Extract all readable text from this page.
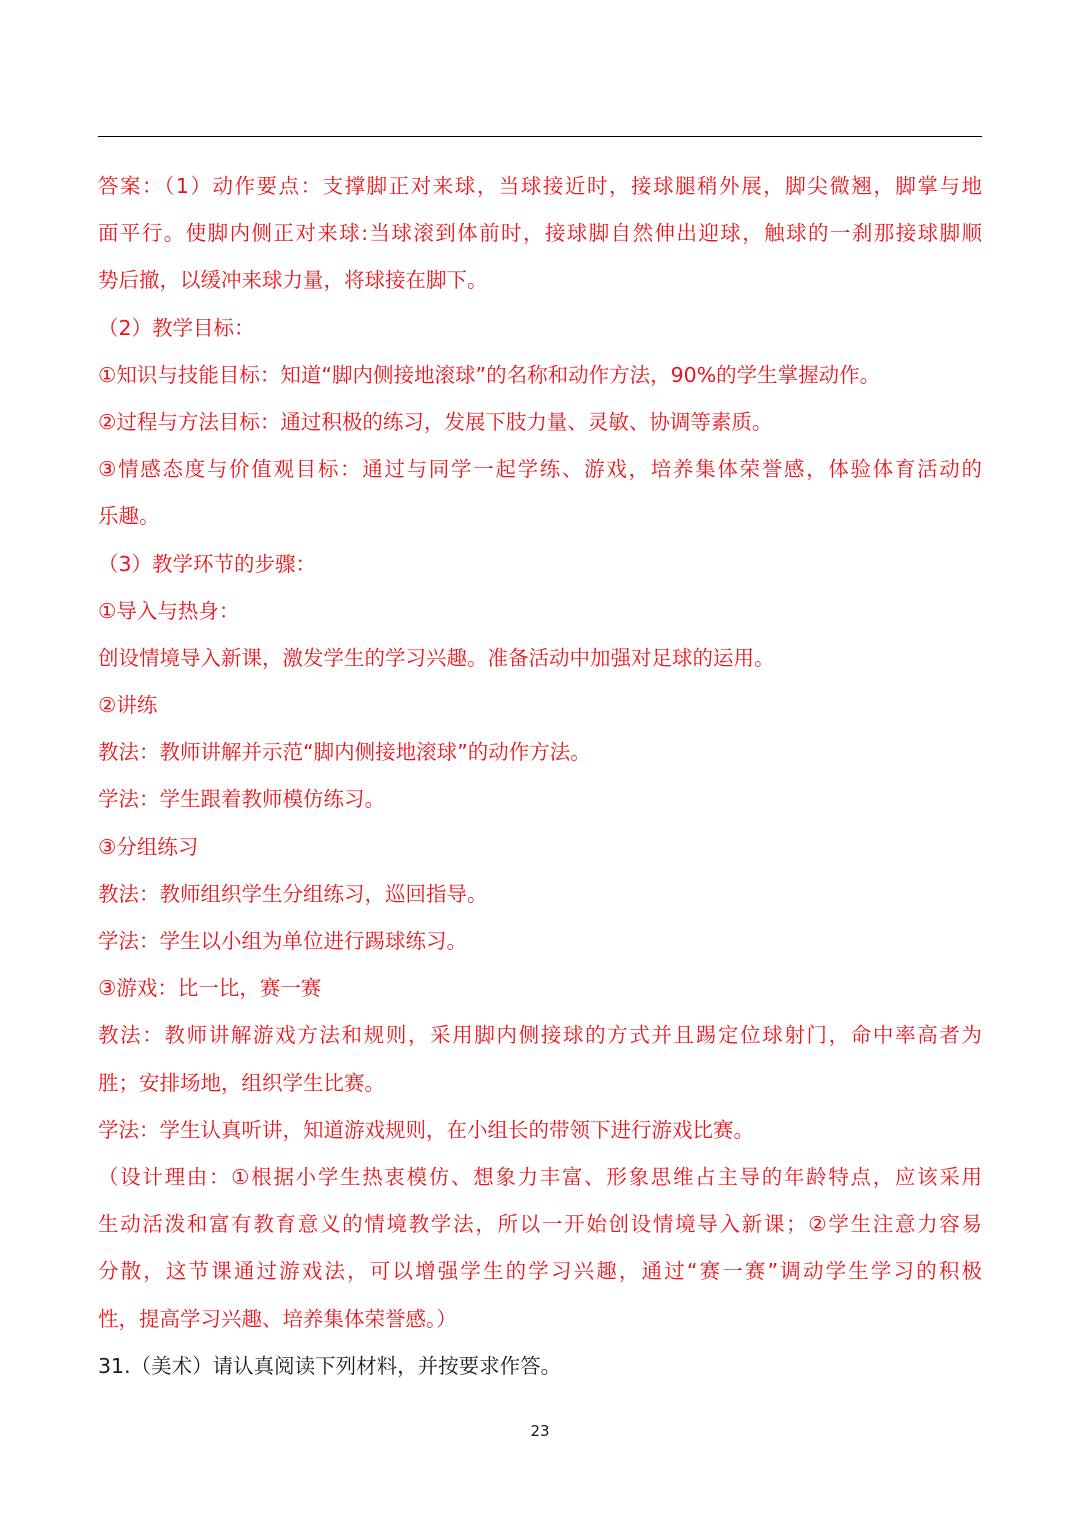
答案：（1）动作要点：支撑脚正对来球，当球接近时，接球腿稍外展，脚尖微翘，脚掌与地
面平行。使脚内侧正对来球:当球滚到体前时，接球脚自然伸出迎球，触球的一刹那接球脚顺
势后撤，以缓冲来球力量，将球接在脚下。
（2）教学目标：
①知识与技能目标：知道“脚内侧接地滚球”的名称和动作方法，90%的学生掌握动作。
②过程与方法目标：通过积极的练习，发展下肢力量、灵敏、协调等素质。
③情感态度与价值观目标：通过与同学一起学练、游戏，培养集体荣誉感，体验体育活动的
乐趣。
（3）教学环节的步骤：
①导入与热身：
创设情境导入新课，激发学生的学习兴趣。准备活动中加强对足球的运用。
②讲练
教法：教师讲解并示范“脚内侧接地滚球”的动作方法。
学法：学生跟着教师模仿练习。
③分组练习
教法：教师组织学生分组练习，巡回指导。
学法：学生以小组为单位进行踢球练习。
③游戏：比一比，赛一赛
教法：教师讲解游戏方法和规则，采用脚内侧接球的方式并且踢定位球射门，命中率高者为
胜；安排场地，组织学生比赛。
学法：学生认真听讲，知道游戏规则，在小组长的带领下进行游戏比赛。
（设计理由：①根据小学生热衷模仿、想象力丰富、形象思维占主导的年龄特点，应该采用
生动活泼和富有教育意义的情境教学法，所以一开始创设情境导入新课；②学生注意力容易
分散，这节课通过游戏法，可以增强学生的学习兴趣，通过“赛一赛”调动学生学习的积极
性，提高学习兴趣、培养集体荣誉感。）
31.（美术）请认真阅读下列材料，并按要求作答。
23
